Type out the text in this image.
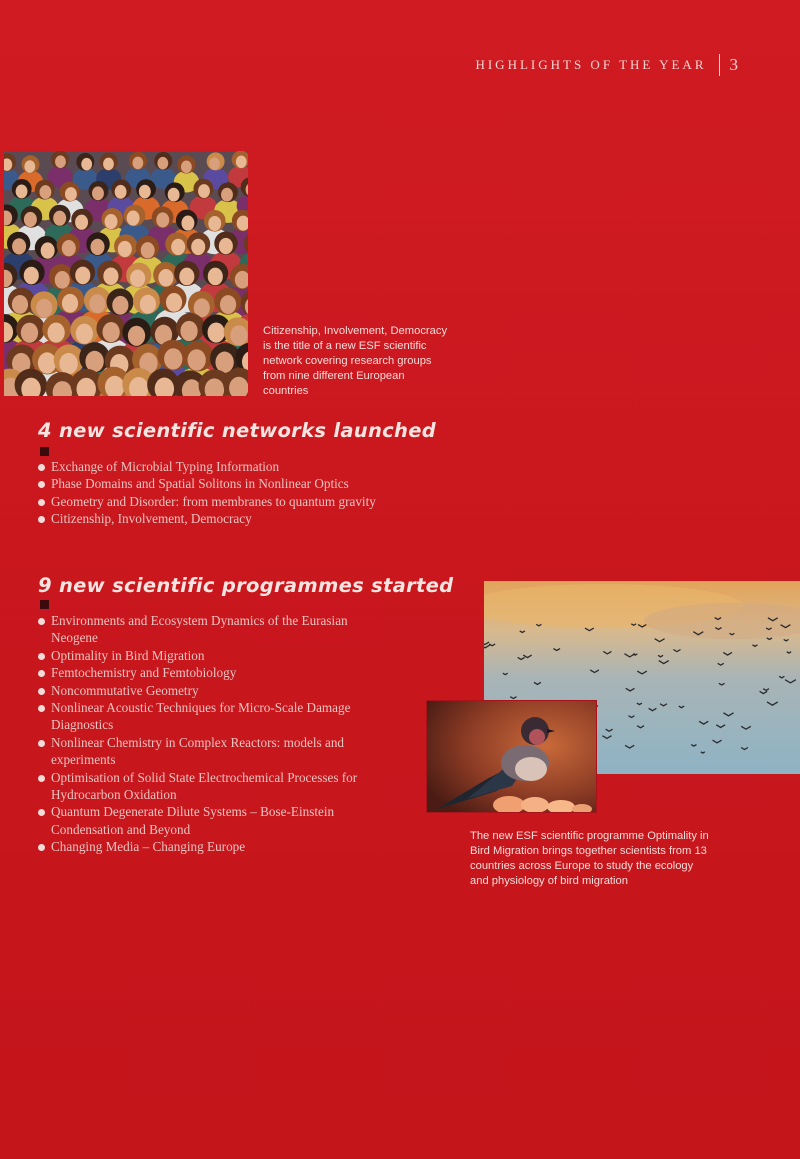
HIGHLIGHTS OF THE YEAR 3

Citizenship, Involvement, Democracy is the title of a new ESF scientific network covering research groups from nine different European countries

4 new scientific networks launched
Exchange of Microbial Typing Information
Phase Domains and Spatial Solitons in Nonlinear Optics
Geometry and Disorder: from membranes to quantum gravity
Citizenship, Involvement, Democracy
9 new scientific programmes started
Environments and Ecosystem Dynamics of the Eurasian Neogene
Optimality in Bird Migration
Femtochemistry and Femtobiology
Noncommutative Geometry
Nonlinear Acoustic Techniques for Micro-Scale Damage Diagnostics
Nonlinear Chemistry in Complex Reactors: models and experiments
Optimisation of Solid State Electrochemical Processes for Hydrocarbon Oxidation
Quantum Degenerate Dilute Systems – Bose-Einstein Condensation and Beyond
Changing Media – Changing Europe

The new ESF scientific programme Optimality in Bird Migration brings together scientists from 13 countries across Europe to study the ecology and physiology of bird migration
